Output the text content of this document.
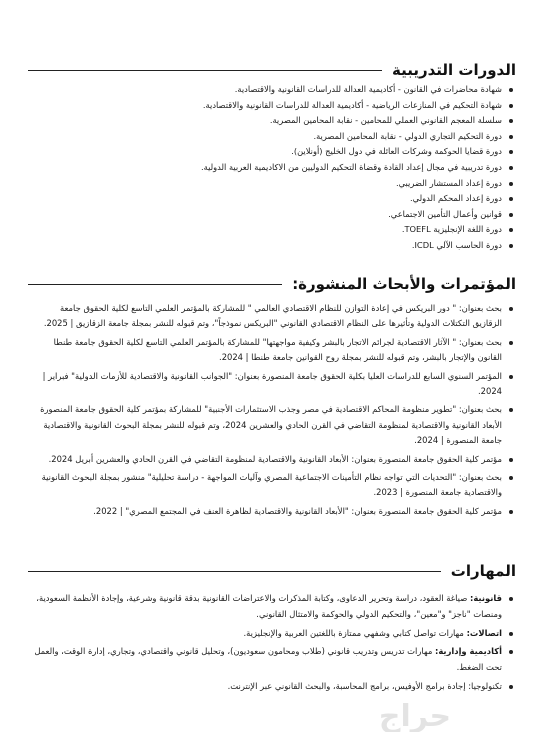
الدورات التدريبية
شهادة محاضرات في القانون - أكاديمية العدالة للدراسات القانونية والاقتصادية.
شهادة التحكيم في المنازعات الرياضية - أكاديمية العدالة للدراسات القانونية والاقتصادية.
سلسلة المعجم القانوني العملي للمحامين - نقابة المحامين المصرية.
دورة التحكيم التجاري الدولي - نقابة المحامين المصرية.
دورة قضايا الحوكمة وشركات العائلة في دول الخليج (أونلاين).
دورة تدريبية في مجال إعداد القادة وقضاة التحكيم الدوليين من الاكاديمية العربية الدولية.
دورة إعداد المستشار الضريبي.
دورة إعداد المحكم الدولي.
قوانين وأعمال التأمين الاجتماعي.
دورة اللغة الإنجليزية TOEFL.
دورة الحاسب الآلي ICDL.
المؤتمرات والأبحاث المنشورة:
بحث بعنوان: " دور البريكس في إعادة التوازن للنظام الاقتصادي العالمي " للمشاركة بالمؤتمر العلمي التاسع لكلية الحقوق جامعة الزقازيق التكتلات الدولية وتأثيرها على النظام الاقتصادي القانوني "البريكس نموذجاً"، وتم قبوله للنشر بمجلة جامعة الزقازيق | 2025.
بحث بعنوان: " الآثار الاقتصادية لجرائم الاتجار بالبشر وكيفية مواجهتها" للمشاركة بالمؤتمر العلمي التاسع لكلية الحقوق جامعة طنطا القانون والإتجار بالبشر، وتم قبوله للنشر بمجلة روح القوانين جامعة طنطا | 2024.
المؤتمر السنوي السابع للدراسات العليا بكلية الحقوق جامعة المنصورة بعنوان: "الجوانب القانونية والاقتصادية للأزمات الدولية" فبراير | 2024.
بحث بعنوان: "تطوير منظومة المحاكم الاقتصادية في مصر وجذب الاستثمارات الأجنبية" للمشاركة بمؤتمر كلية الحقوق جامعة المنصورة الأبعاد القانونية والاقتصادية لمنظومة التقاضي في القرن الحادي والعشرين 2024، وتم قبوله للنشر بمجلة البحوث القانونية والاقتصادية جامعة المنصورة | 2024.
مؤتمر كلية الحقوق جامعة المنصورة بعنوان: الأبعاد القانونية والاقتصادية لمنظومة التقاضي في القرن الحادي والعشرين أبريل 2024.
بحث بعنوان: "التحديات التي تواجه نظام التأمينات الاجتماعية المصري وآليات المواجهة - دراسة تحليلية" منشور بمجلة البحوث القانونية والاقتصادية جامعة المنصورة | 2023.
مؤتمر كلية الحقوق جامعة المنصورة بعنوان: "الأبعاد القانونية والاقتصادية لظاهرة العنف في المجتمع المصري" | 2022.
المهارات
قانونية: صياغة العقود، دراسة وتحرير الدعاوى، وكتابة المذكرات والاعتراضات القانونية بدقة قانونية وشرعية، وإجادة الأنظمة السعودية، ومنصات "ناجز" و"معين"، والتحكيم الدولي والحوكمة والامتثال القانوني.
اتصالات: مهارات تواصل كتابي وشفهي ممتازة باللغتين العربية والإنجليزية.
أكاديمية وإدارية: مهارات تدريس وتدريب قانوني (طلاب ومحامون سعوديون)، وتحليل قانوني واقتصادي، وتجاري، إدارة الوقت، والعمل تحت الضغط.
تكنولوجيا: إجادة برامج الأوفيس، برامج المحاسبة، والبحث القانوني عبر الإنترنت.
حراج
